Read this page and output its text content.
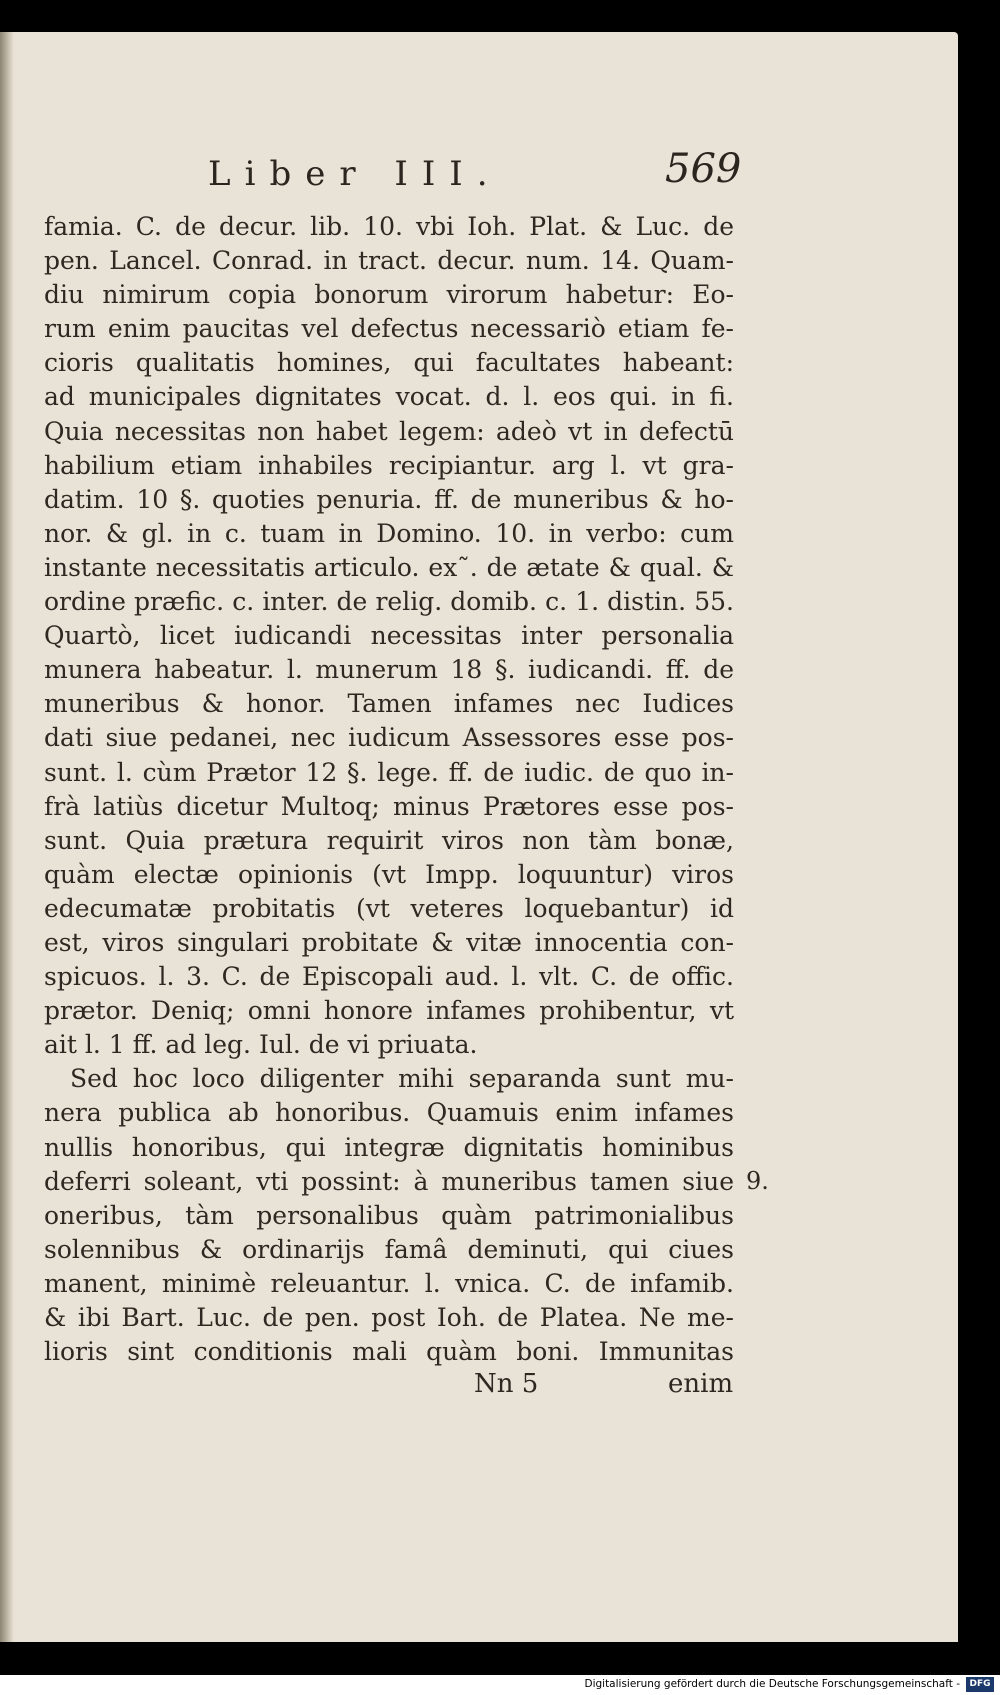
Liber III.	569
famia. C. de decur. lib. 10. vbi Ioh. Plat. & Luc. de
pen. Lancel. Conrad. in tract. decur. num. 14. Quam-
diu nimirum copia bonorum virorum habetur: Eo-
rum enim paucitas vel defectus necessariò etiam fe-
cioris qualitatis homines, qui facultates habeant:
ad municipales dignitates vocat. d. l. eos qui. in fi.
Quia necessitas non habet legem: adeò vt in defectū
habilium etiam inhabiles recipiantur. arg l. vt gra-
datim. 10 §. quoties penuria. ff. de muneribus & ho-
nor. & gl. in c. tuam in Domino. 10. in verbo: cum
instante necessitatis articulo. ex˜. de ætate & qual. &
ordine præfic. c. inter. de relig. domib. c. 1. distin. 55.
Quartò, licet iudicandi necessitas inter personalia
munera habeatur. l. munerum 18 §. iudicandi. ff. de
muneribus & honor. Tamen infames nec Iudices
dati siue pedanei, nec iudicum Assessores esse pos-
sunt. l. cùm Prætor 12 §. lege. ff. de iudic. de quo in-
frà latiùs dicetur Multoq; minus Prætores esse pos-
sunt. Quia prætura requirit viros non tàm bonæ,
quàm electæ opinionis (vt Impp. loquuntur) viros
edecumatæ probitatis (vt veteres loquebantur) id
est, viros singulari probitate & vitæ innocentia con-
spicuos. l. 3. C. de Episcopali aud. l. vlt. C. de offic.
prætor. Deniq; omni honore infames prohibentur, vt
ait l. 1 ff. ad leg. Iul. de vi priuata.
Sed hoc loco diligenter mihi separanda sunt mu-
nera publica ab honoribus. Quamuis enim infames
nullis honoribus, qui integræ dignitatis hominibus
deferri soleant, vti possint: à muneribus tamen siue
oneribus, tàm personalibus quàm patrimonialibus
solennibus & ordinarijs famâ deminuti, qui ciues
manent, minimè releuantur. l. vnica. C. de infamib.
& ibi Bart. Luc. de pen. post Ioh. de Platea. Ne me-
lioris sint conditionis mali quàm boni. Immunitas
9.
Nn 5	enim
Digitalisierung gefördert durch die Deutsche Forschungsgemeinschaft -	DFG
